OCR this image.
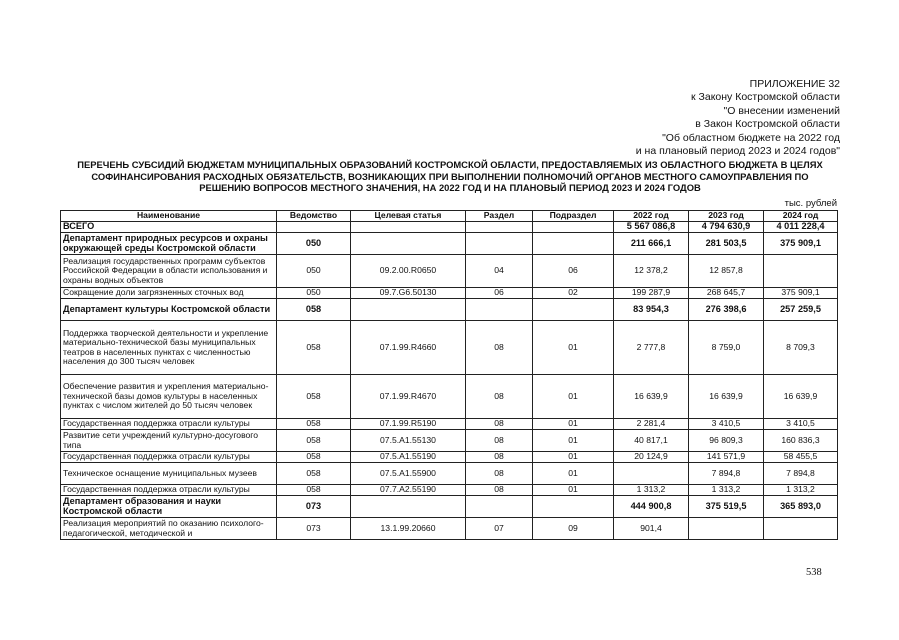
ПРИЛОЖЕНИЕ 32
к Закону Костромской области
"О внесении изменений
в Закон Костромской области
"Об областном бюджете на 2022 год
и на плановый период 2023 и 2024 годов"
ПЕРЕЧЕНЬ СУБСИДИЙ БЮДЖЕТАМ МУНИЦИПАЛЬНЫХ ОБРАЗОВАНИЙ КОСТРОМСКОЙ ОБЛАСТИ, ПРЕДОСТАВЛЯЕМЫХ ИЗ ОБЛАСТНОГО БЮДЖЕТА В ЦЕЛЯХ
СОФИНАНСИРОВАНИЯ РАСХОДНЫХ ОБЯЗАТЕЛЬСТВ, ВОЗНИКАЮЩИХ ПРИ ВЫПОЛНЕНИИ ПОЛНОМОЧИЙ ОРГАНОВ МЕСТНОГО САМОУПРАВЛЕНИЯ ПО
РЕШЕНИЮ ВОПРОСОВ МЕСТНОГО ЗНАЧЕНИЯ, НА 2022 ГОД И НА ПЛАНОВЫЙ ПЕРИОД 2023 И 2024 ГОДОВ
тыс. рублей
Наименование	Ведомство	Целевая статья	Раздел	Подраздел	2022 год	2023 год	2024 год
ВСЕГО					5 567 086,8	4 794 630,9	4 011 228,4
Департамент природных ресурсов и охраны окружающей среды Костромской области	050				211 666,1	281 503,5	375 909,1
Реализация государственных программ субъектов Российской Федерации в области использования и охраны водных объектов	050	09.2.00.R0650	04	06	12 378,2	12 857,8	
Сокращение доли загрязненных сточных вод	050	09.7.G6.50130	06	02	199 287,9	268 645,7	375 909,1
Департамент культуры Костромской области	058				83 954,3	276 398,6	257 259,5
Поддержка творческой деятельности и укрепление материально-технической базы муниципальных театров в населенных пунктах с численностью населения до 300 тысяч человек	058	07.1.99.R4660	08	01	2 777,8	8 759,0	8 709,3
Обеспечение развития и укрепления материально-технической базы домов культуры в населенных пунктах с числом жителей до 50 тысяч человек	058	07.1.99.R4670	08	01	16 639,9	16 639,9	16 639,9
Государственная поддержка отрасли культуры	058	07.1.99.R5190	08	01	2 281,4	3 410,5	3 410,5
Развитие сети учреждений культурно-досугового типа	058	07.5.A1.55130	08	01	40 817,1	96 809,3	160 836,3
Государственная поддержка отрасли культуры	058	07.5.A1.55190	08	01	20 124,9	141 571,9	58 455,5
Техническое оснащение муниципальных музеев	058	07.5.A1.55900	08	01		7 894,8	7 894,8
Государственная поддержка отрасли культуры	058	07.7.A2.55190	08	01	1 313,2	1 313,2	1 313,2
Департамент образования и науки Костромской области	073				444 900,8	375 519,5	365 893,0
Реализация мероприятий по оказанию психолого-педагогической, методической и	073	13.1.99.20660	07	09	901,4		
538
